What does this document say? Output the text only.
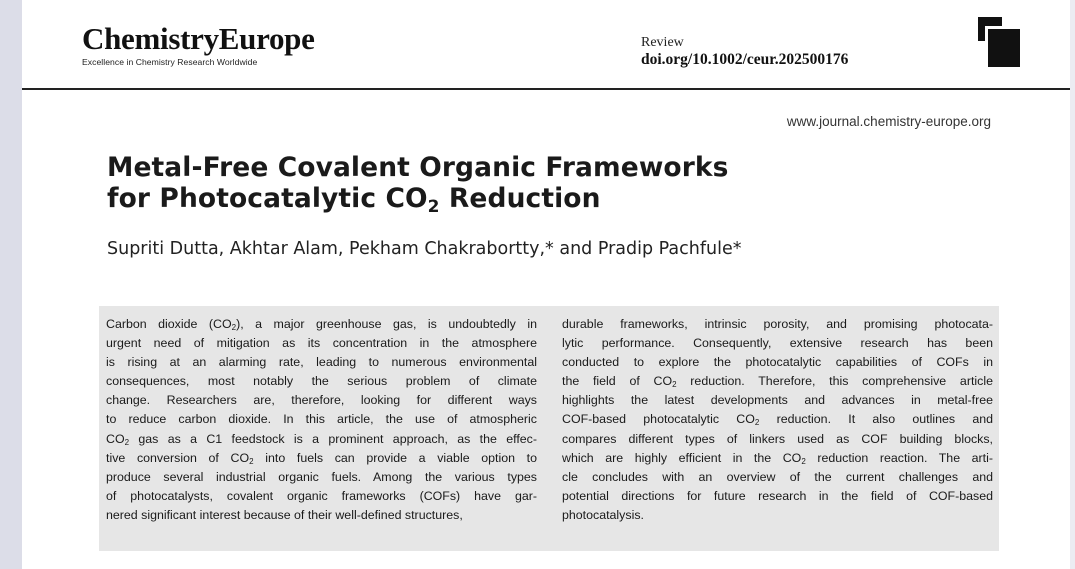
ChemistryEurope
Excellence in Chemistry Research Worldwide
Review
doi.org/10.1002/ceur.202500176
www.journal.chemistry-europe.org
Metal-Free Covalent Organic Frameworks
for Photocatalytic $CO_2$ Reduction
Supriti Dutta, Akhtar Alam, Pekham Chakrabortty,* and Pradip Pachfule*
Carbon dioxide $(CO_2)$, a major greenhouse gas, is undoubtedly in
urgent need of mitigation as its concentration in the atmosphere
is rising at an alarming rate, leading to numerous environmental
consequences, most notably the serious problem of climate
change. Researchers are, therefore, looking for different ways
to reduce carbon dioxide. In this article, the use of atmospheric
$CO_2$ gas as a C1 feedstock is a prominent approach, as the effec-
tive conversion of $CO_2$ into fuels can provide a viable option to
produce several industrial organic fuels. Among the various types
of photocatalysts, covalent organic frameworks (COFs) have gar-
nered significant interest because of their well-defined structures,
durable frameworks, intrinsic porosity, and promising photocata-
lytic performance. Consequently, extensive research has been
conducted to explore the photocatalytic capabilities of COFs in
the field of $CO_2$ reduction. Therefore, this comprehensive article
highlights the latest developments and advances in metal-free
COF-based photocatalytic $CO_2$ reduction. It also outlines and
compares different types of linkers used as COF building blocks,
which are highly efficient in the $CO_2$ reduction reaction. The arti-
cle concludes with an overview of the current challenges and
potential directions for future research in the field of COF-based
photocatalysis.
